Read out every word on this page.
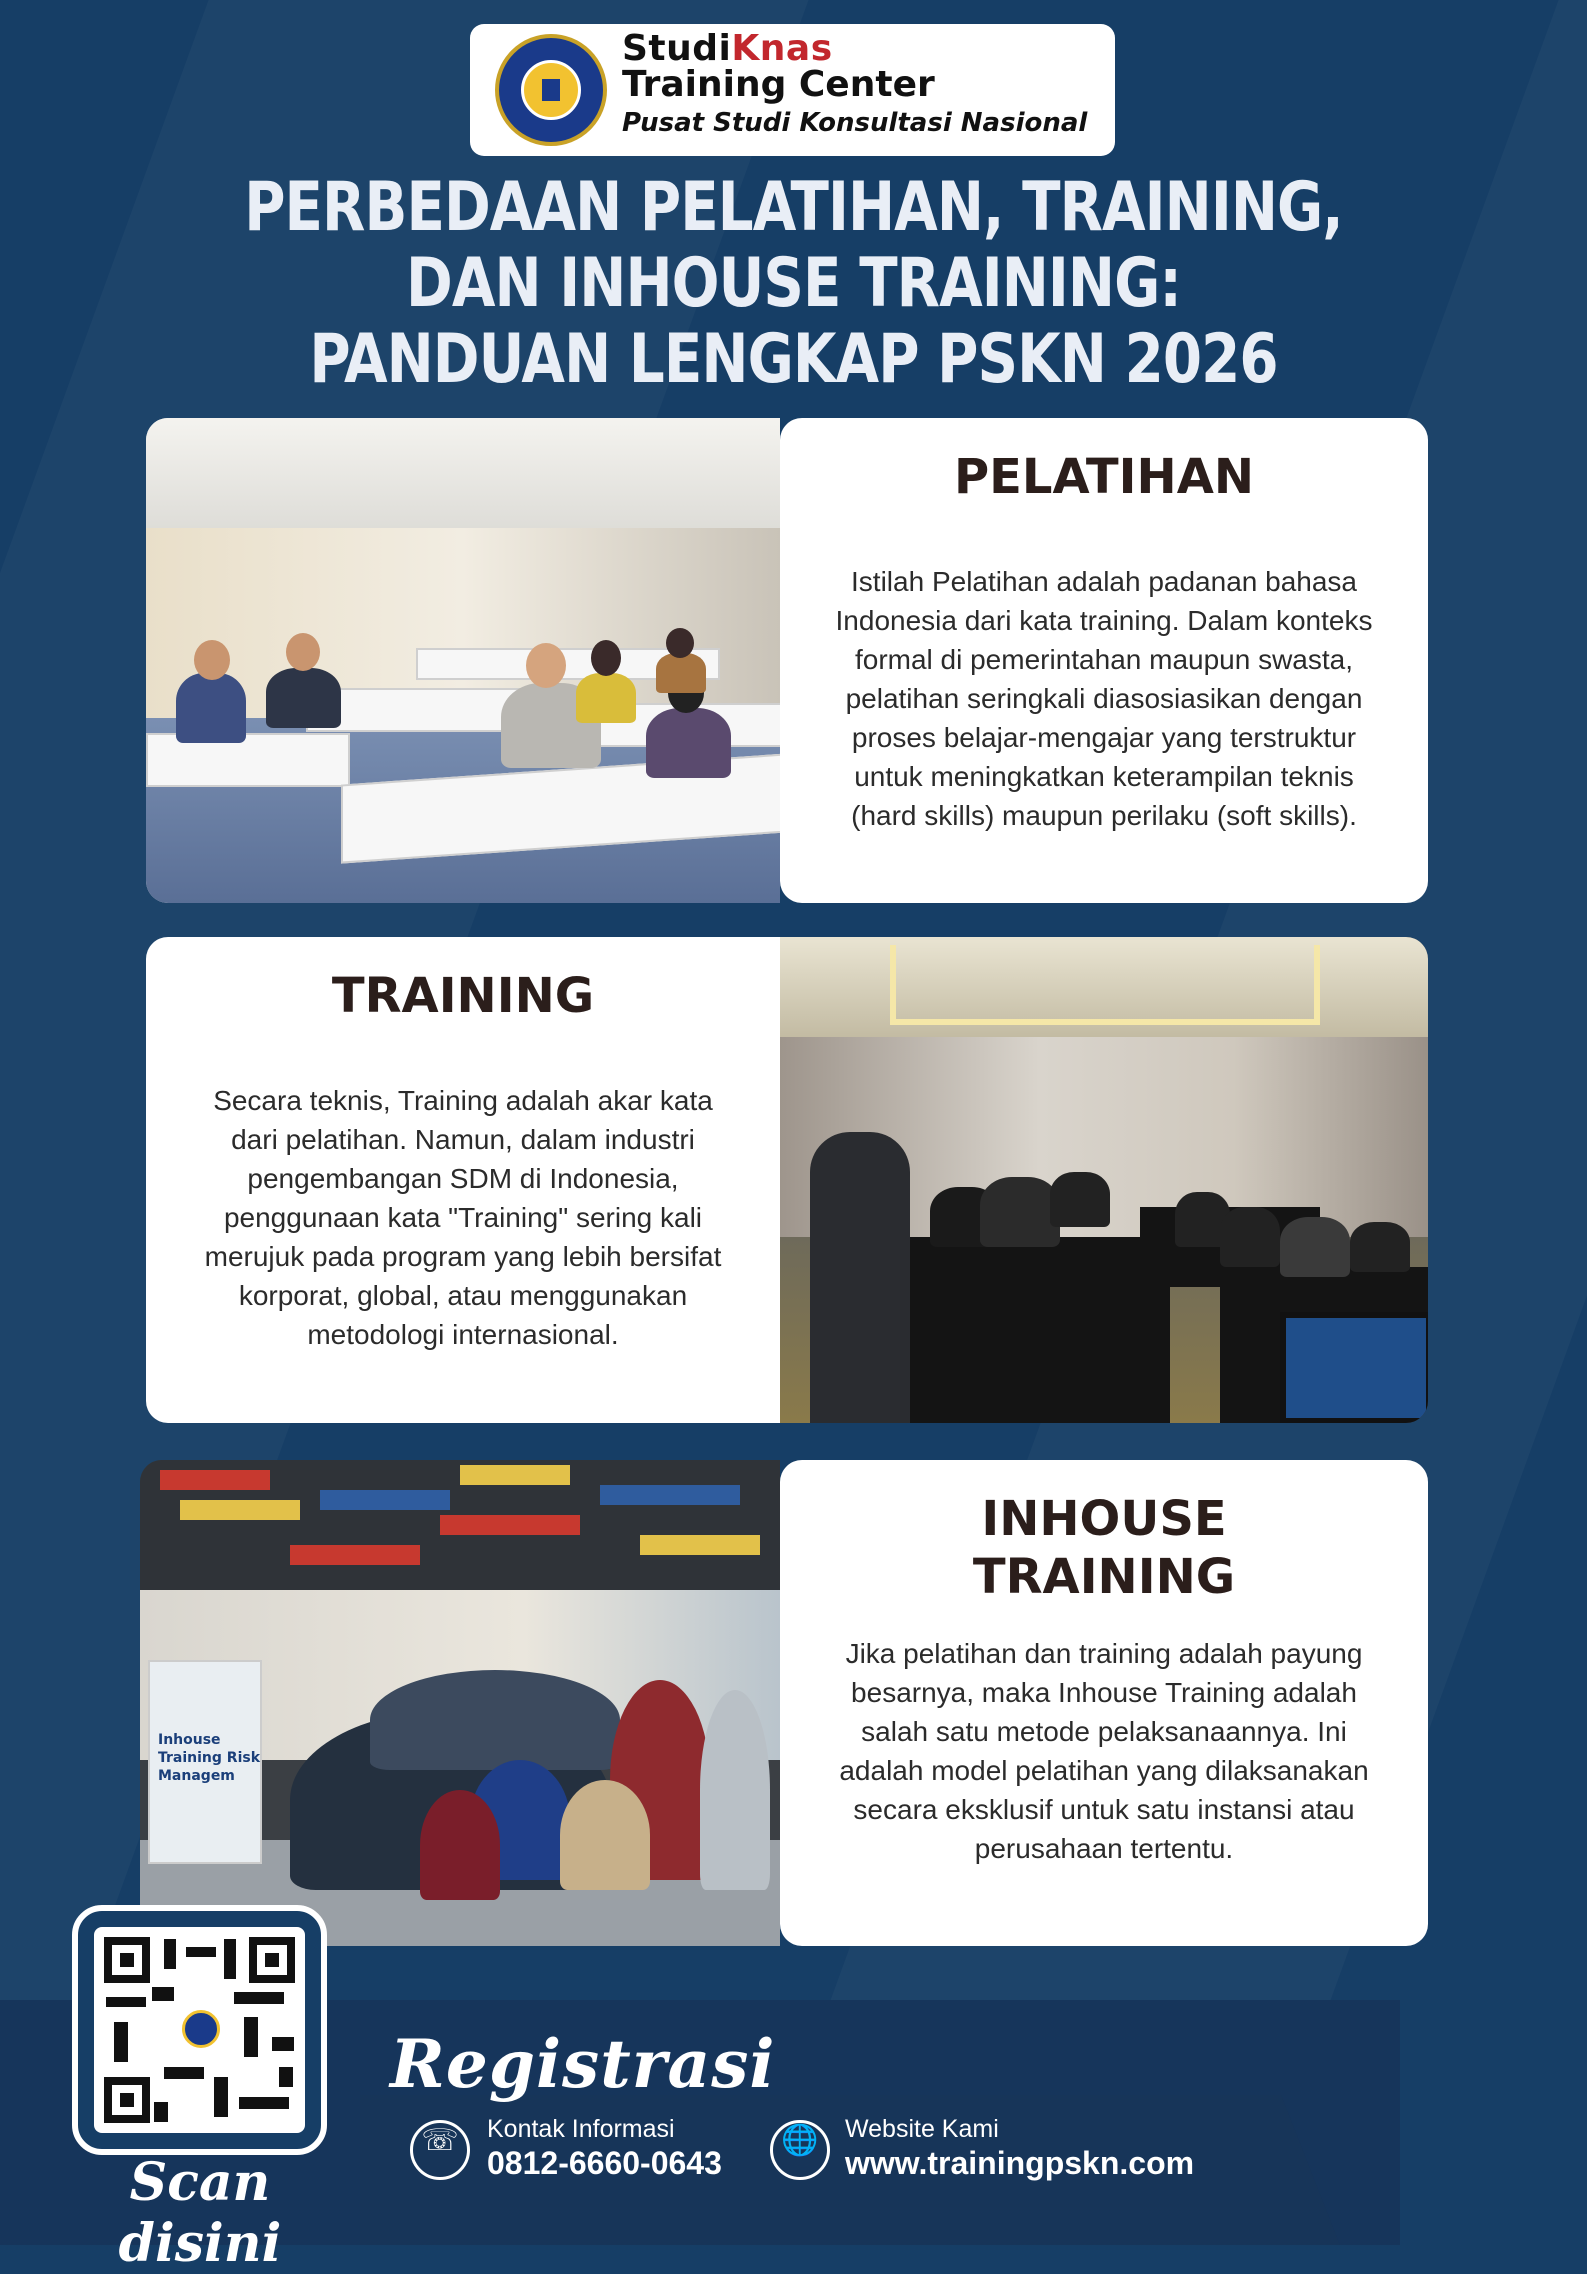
StudiKnas
Training Center
Pusat Studi Konsultasi Nasional
PERBEDAAN PELATIHAN, TRAINING,
DAN INHOUSE TRAINING:
PANDUAN LENGKAP PSKN 2026
PELATIHAN

Istilah Pelatihan adalah padanan bahasa Indonesia dari kata training. Dalam konteks formal di pemerintahan maupun swasta, pelatihan seringkali diasosiasikan dengan proses belajar-mengajar yang terstruktur untuk meningkatkan keterampilan teknis (hard skills) maupun perilaku (soft skills).

TRAINING

Secara teknis, Training adalah akar kata dari pelatihan. Namun, dalam industri pengembangan SDM di Indonesia, penggunaan kata "Training" sering kali merujuk pada program yang lebih bersifat korporat, global, atau menggunakan metodologi internasional.

Inhouse
Training Risk
Managem
INHOUSE
TRAINING

Jika pelatihan dan training adalah payung besarnya, maka Inhouse Training adalah salah satu metode pelaksanaannya. Ini adalah model pelatihan yang dilaksanakan secara eksklusif untuk satu instansi atau perusahaan tertentu.

Scan disini
Registrasi
☏	Kontak Informasi
0812-6660-0643
🌐	Website Kami
www.trainingpskn.com
